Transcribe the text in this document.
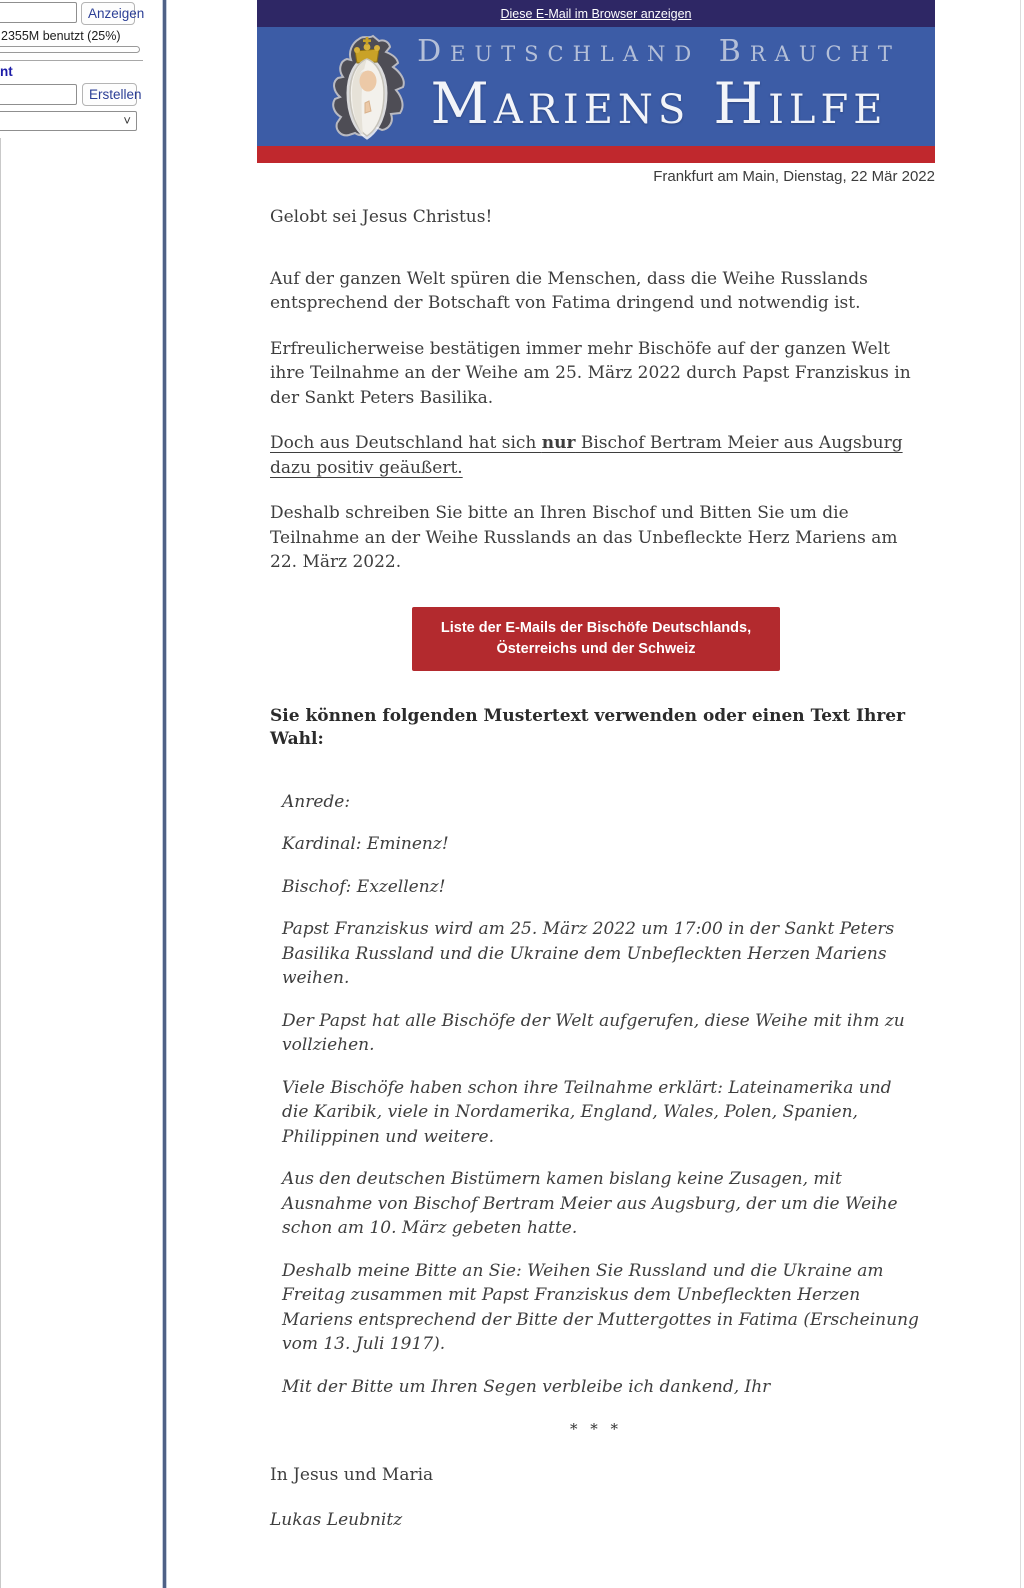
Anzeigen
2355M benutzt (25%)
nt
Erstellen
˅
Diese E-Mail im Browser anzeigen
Deutschland Braucht
Mariens Hilfe
Frankfurt am Main, Dienstag, 22 Mär 2022

Gelobt sei Jesus Christus!

Auf der ganzen Welt spüren die Menschen, dass die Weihe Russlands entsprechend der Botschaft von Fatima dringend und notwendig ist.

Erfreulicherweise bestätigen immer mehr Bischöfe auf der ganzen Welt ihre Teilnahme an der Weihe am 25. März 2022 durch Papst Franziskus in der Sankt Peters Basilika.

Doch aus Deutschland hat sich nur Bischof Bertram Meier aus Augsburg dazu positiv geäußert.

Deshalb schreiben Sie bitte an Ihren Bischof und Bitten Sie um die Teilnahme an der Weihe Russlands an das Unbefleckte Herz Mariens am 22. März 2022.

Liste der E-Mails der Bischöfe Deutschlands,
Österreichs und der Schweiz

Sie können folgenden Mustertext verwenden oder einen Text Ihrer Wahl:

Anrede:

Kardinal: Eminenz!

Bischof: Exzellenz!

Papst Franziskus wird am 25. März 2022 um 17:00 in der Sankt Peters Basilika Russland und die Ukraine dem Unbefleckten Herzen Mariens weihen.

Der Papst hat alle Bischöfe der Welt aufgerufen, diese Weihe mit ihm zu vollziehen.

Viele Bischöfe haben schon ihre Teilnahme erklärt: Lateinamerika und die Karibik, viele in Nordamerika, England, Wales, Polen, Spanien, Philippinen und weitere.

Aus den deutschen Bistümern kamen bislang keine Zusagen, mit Ausnahme von Bischof Bertram Meier aus Augsburg, der um die Weihe schon am 10. März gebeten hatte.

Deshalb meine Bitte an Sie: Weihen Sie Russland und die Ukraine am Freitag zusammen mit Papst Franziskus dem Unbefleckten Herzen Mariens entsprechend der Bitte der Muttergottes in Fatima (Erscheinung vom 13. Juli 1917).

Mit der Bitte um Ihren Segen verbleibe ich dankend, Ihr

* * *

In Jesus und Maria

Lukas Leubnitz
